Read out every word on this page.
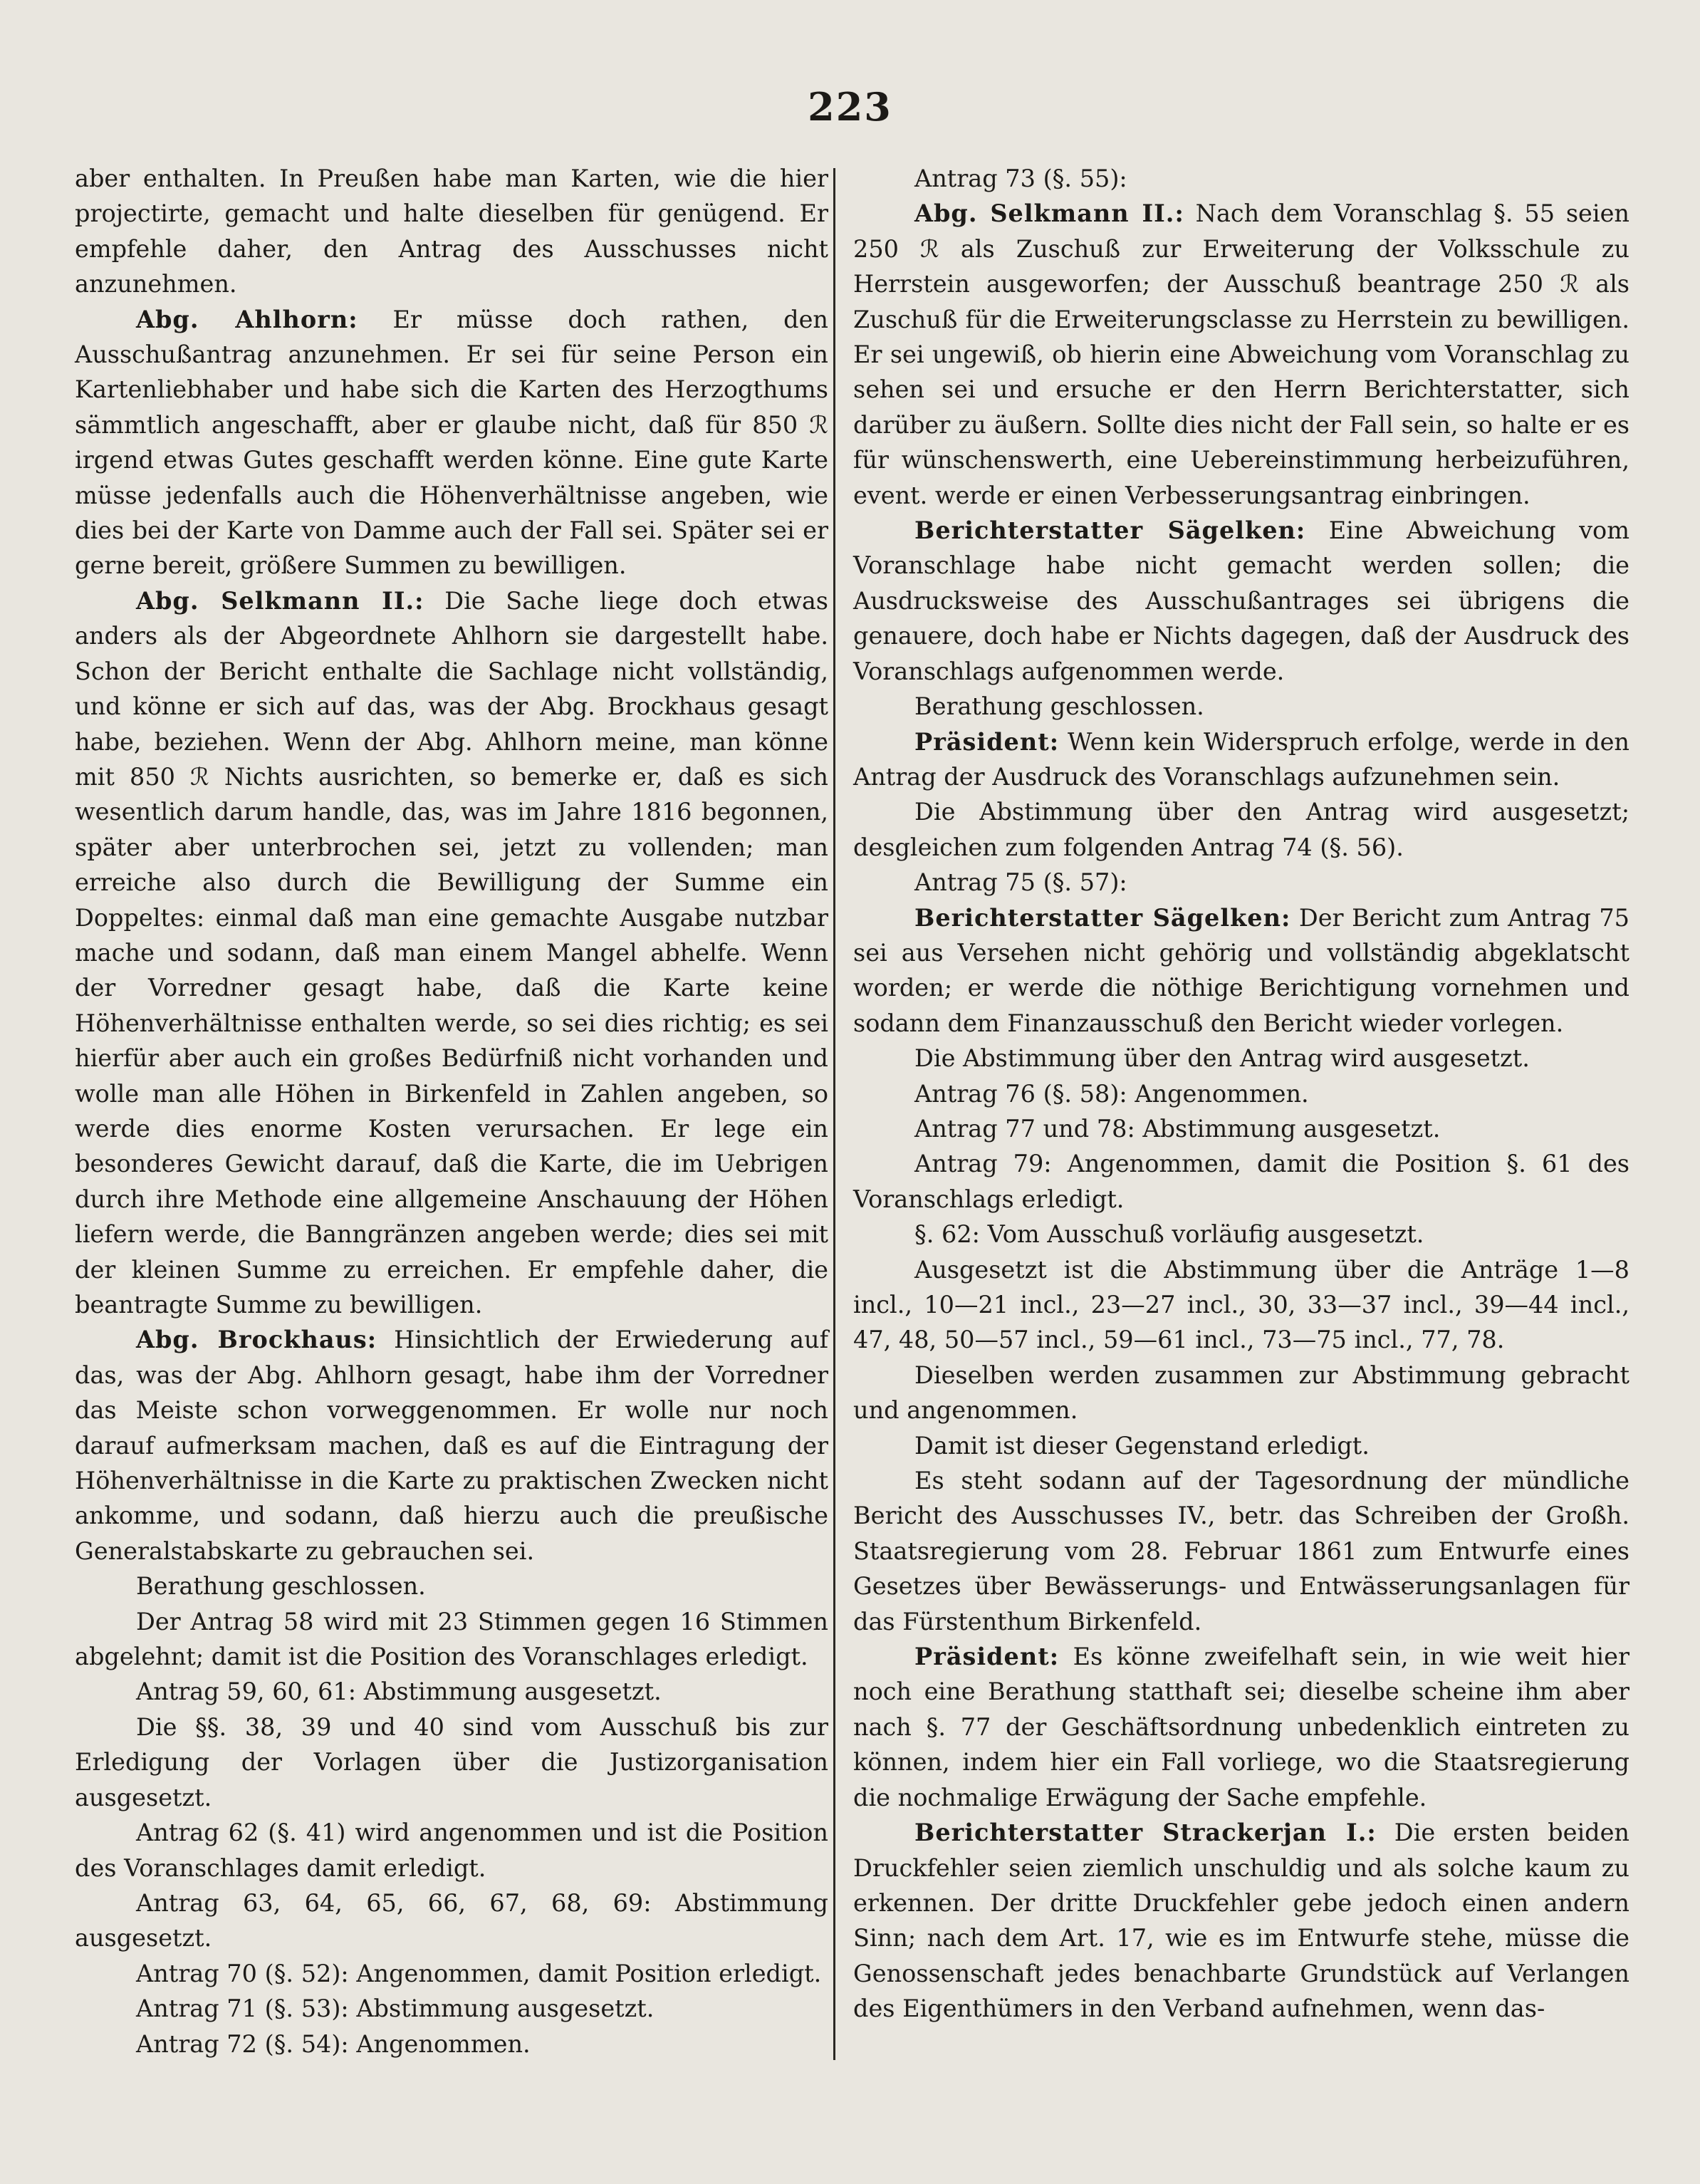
223

aber enthalten. In Preußen habe man Karten, wie die hier projectirte, gemacht und halte dieselben für genügend. Er empfehle daher, den Antrag des Ausschusses nicht anzunehmen.

Abg. Ahlhorn: Er müsse doch rathen, den Ausschußantrag anzunehmen. Er sei für seine Person ein Kartenliebhaber und habe sich die Karten des Herzogthums sämmtlich angeschafft, aber er glaube nicht, daß für 850 ℛ irgend etwas Gutes geschafft werden könne. Eine gute Karte müsse jedenfalls auch die Höhenverhältnisse angeben, wie dies bei der Karte von Damme auch der Fall sei. Später sei er gerne bereit, größere Summen zu bewilligen.

Abg. Selkmann II.: Die Sache liege doch etwas anders als der Abgeordnete Ahlhorn sie dargestellt habe. Schon der Bericht enthalte die Sachlage nicht vollständig, und könne er sich auf das, was der Abg. Brockhaus gesagt habe, beziehen. Wenn der Abg. Ahlhorn meine, man könne mit 850 ℛ Nichts ausrichten, so bemerke er, daß es sich wesentlich darum handle, das, was im Jahre 1816 begonnen, später aber unterbrochen sei, jetzt zu vollenden; man erreiche also durch die Bewilligung der Summe ein Doppeltes: einmal daß man eine gemachte Ausgabe nutzbar mache und sodann, daß man einem Mangel abhelfe. Wenn der Vorredner gesagt habe, daß die Karte keine Höhenverhältnisse enthalten werde, so sei dies richtig; es sei hierfür aber auch ein großes Bedürfniß nicht vorhanden und wolle man alle Höhen in Birkenfeld in Zahlen angeben, so werde dies enorme Kosten verursachen. Er lege ein besonderes Gewicht darauf, daß die Karte, die im Uebrigen durch ihre Methode eine allgemeine Anschauung der Höhen liefern werde, die Banngränzen angeben werde; dies sei mit der kleinen Summe zu erreichen. Er empfehle daher, die beantragte Summe zu bewilligen.

Abg. Brockhaus: Hinsichtlich der Erwiederung auf das, was der Abg. Ahlhorn gesagt, habe ihm der Vorredner das Meiste schon vorweggenommen. Er wolle nur noch darauf aufmerksam machen, daß es auf die Eintragung der Höhenverhältnisse in die Karte zu praktischen Zwecken nicht ankomme, und sodann, daß hierzu auch die preußische Generalstabskarte zu gebrauchen sei.

Berathung geschlossen.

Der Antrag 58 wird mit 23 Stimmen gegen 16 Stimmen abgelehnt; damit ist die Position des Voranschlages erledigt.

Antrag 59, 60, 61: Abstimmung ausgesetzt.

Die §§. 38, 39 und 40 sind vom Ausschuß bis zur Erledigung der Vorlagen über die Justizorganisation ausgesetzt.

Antrag 62 (§. 41) wird angenommen und ist die Position des Voranschlages damit erledigt.

Antrag 63, 64, 65, 66, 67, 68, 69: Abstimmung ausgesetzt.

Antrag 70 (§. 52): Angenommen, damit Position erledigt.

Antrag 71 (§. 53): Abstimmung ausgesetzt.

Antrag 72 (§. 54): Angenommen.

Antrag 73 (§. 55):

Abg. Selkmann II.: Nach dem Voranschlag §. 55 seien 250 ℛ als Zuschuß zur Erweiterung der Volksschule zu Herrstein ausgeworfen; der Ausschuß beantrage 250 ℛ als Zuschuß für die Erweiterungsclasse zu Herrstein zu bewilligen. Er sei ungewiß, ob hierin eine Abweichung vom Voranschlag zu sehen sei und ersuche er den Herrn Berichterstatter, sich darüber zu äußern. Sollte dies nicht der Fall sein, so halte er es für wünschenswerth, eine Uebereinstimmung herbeizuführen, event. werde er einen Verbesserungsantrag einbringen.

Berichterstatter Sägelken: Eine Abweichung vom Voranschlage habe nicht gemacht werden sollen; die Ausdrucksweise des Ausschußantrages sei übrigens die genauere, doch habe er Nichts dagegen, daß der Ausdruck des Voranschlags aufgenommen werde.

Berathung geschlossen.

Präsident: Wenn kein Widerspruch erfolge, werde in den Antrag der Ausdruck des Voranschlags aufzunehmen sein.

Die Abstimmung über den Antrag wird ausgesetzt; desgleichen zum folgenden Antrag 74 (§. 56).

Antrag 75 (§. 57):

Berichterstatter Sägelken: Der Bericht zum Antrag 75 sei aus Versehen nicht gehörig und vollständig abgeklatscht worden; er werde die nöthige Berichtigung vornehmen und sodann dem Finanzausschuß den Bericht wieder vorlegen.

Die Abstimmung über den Antrag wird ausgesetzt.

Antrag 76 (§. 58): Angenommen.

Antrag 77 und 78: Abstimmung ausgesetzt.

Antrag 79: Angenommen, damit die Position §. 61 des Voranschlags erledigt.

§. 62: Vom Ausschuß vorläufig ausgesetzt.

Ausgesetzt ist die Abstimmung über die Anträge 1—8 incl., 10—21 incl., 23—27 incl., 30, 33—37 incl., 39—44 incl., 47, 48, 50—57 incl., 59—61 incl., 73—75 incl., 77, 78.

Dieselben werden zusammen zur Abstimmung gebracht und angenommen.

Damit ist dieser Gegenstand erledigt.

Es steht sodann auf der Tagesordnung der mündliche Bericht des Ausschusses IV., betr. das Schreiben der Großh. Staatsregierung vom 28. Februar 1861 zum Entwurfe eines Gesetzes über Bewässerungs- und Entwässerungsanlagen für das Fürstenthum Birkenfeld.

Präsident: Es könne zweifelhaft sein, in wie weit hier noch eine Berathung statthaft sei; dieselbe scheine ihm aber nach §. 77 der Geschäftsordnung unbedenklich eintreten zu können, indem hier ein Fall vorliege, wo die Staatsregierung die nochmalige Erwägung der Sache empfehle.

Berichterstatter Strackerjan I.: Die ersten beiden Druckfehler seien ziemlich unschuldig und als solche kaum zu erkennen. Der dritte Druckfehler gebe jedoch einen andern Sinn; nach dem Art. 17, wie es im Entwurfe stehe, müsse die Genossenschaft jedes benachbarte Grundstück auf Verlangen des Eigenthümers in den Verband aufnehmen, wenn das-
